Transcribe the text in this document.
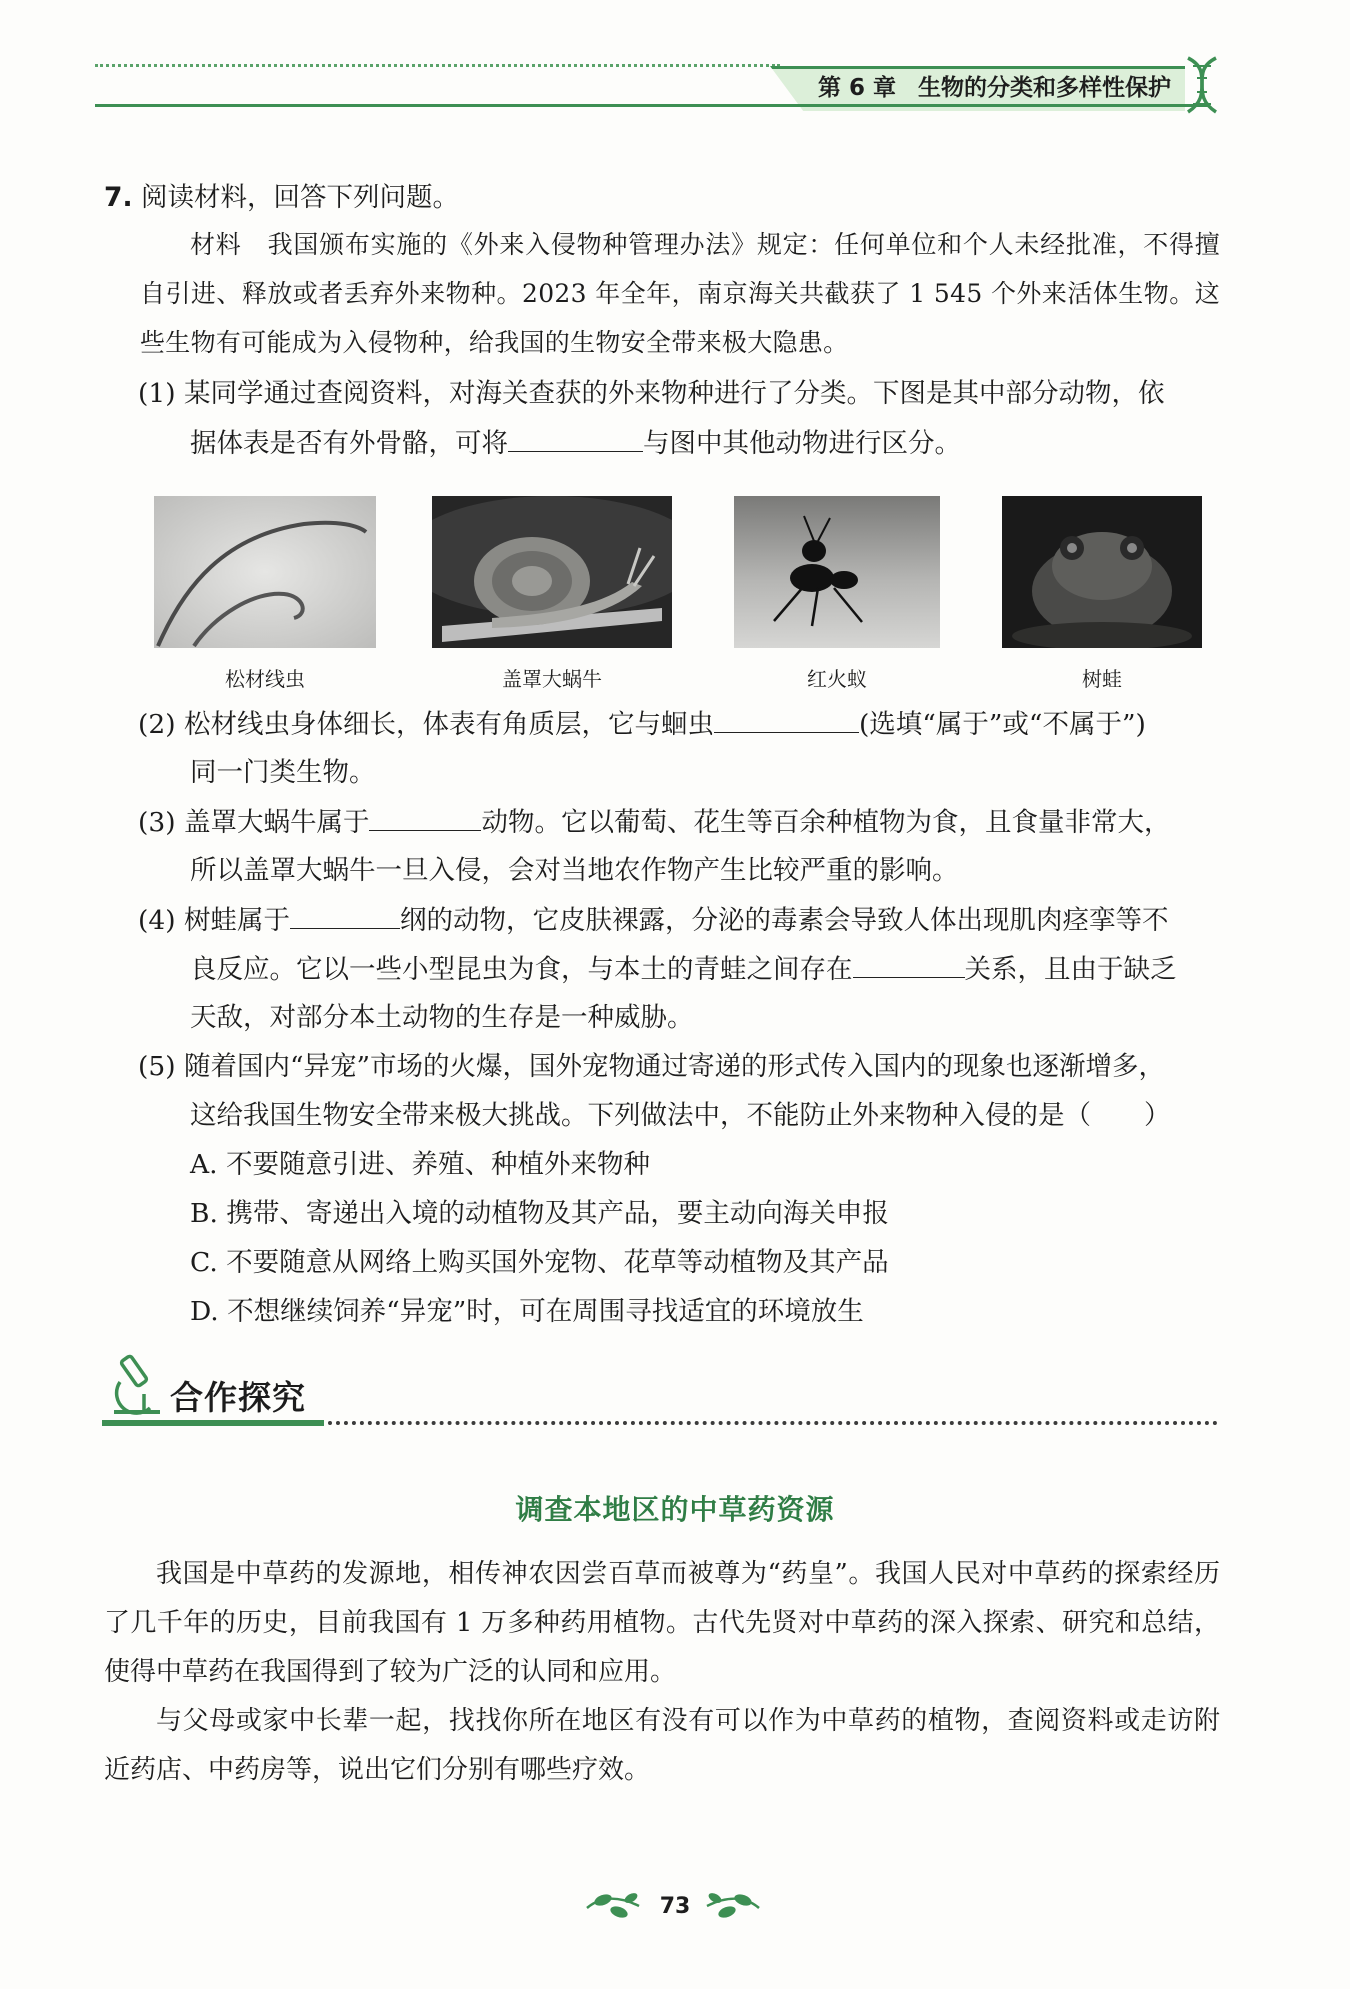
第 6 章 生物的分类和多样性保护
7. 阅读材料，回答下列问题。
材料 我国颁布实施的《外来入侵物种管理办法》规定：任何单位和个人未经批准，不得擅自引进、释放或者丢弃外来物种。2023 年全年，南京海关共截获了 1 545 个外来活体生物。这些生物有可能成为入侵物种，给我国的生物安全带来极大隐患。
(1) 某同学通过查阅资料，对海关查获的外来物种进行了分类。下图是其中部分动物，依
据体表是否有外骨骼，可将	与图中其他动物进行区分。
松材线虫	盖罩大蜗牛	红火蚁	树蛙
(2) 松材线虫身体细长，体表有角质层，它与蛔虫	(选填“属于”或“不属于”)
同一门类生物。
(3) 盖罩大蜗牛属于	动物。它以葡萄、花生等百余种植物为食，且食量非常大，
所以盖罩大蜗牛一旦入侵，会对当地农作物产生比较严重的影响。
(4) 树蛙属于	纲的动物，它皮肤裸露，分泌的毒素会导致人体出现肌肉痉挛等不
良反应。它以一些小型昆虫为食，与本土的青蛙之间存在	关系，且由于缺乏
天敌，对部分本土动物的生存是一种威胁。
(5) 随着国内“异宠”市场的火爆，国外宠物通过寄递的形式传入国内的现象也逐渐增多，
这给我国生物安全带来极大挑战。下列做法中，不能防止外来物种入侵的是（　　）
A. 不要随意引进、养殖、种植外来物种
B. 携带、寄递出入境的动植物及其产品，要主动向海关申报
C. 不要随意从网络上购买国外宠物、花草等动植物及其产品
D. 不想继续饲养“异宠”时，可在周围寻找适宜的环境放生
合作探究
调查本地区的中草药资源
我国是中草药的发源地，相传神农因尝百草而被尊为“药皇”。我国人民对中草药的探索经历了几千年的历史，目前我国有 1 万多种药用植物。古代先贤对中草药的深入探索、研究和总结，使得中草药在我国得到了较为广泛的认同和应用。
与父母或家中长辈一起，找找你所在地区有没有可以作为中草药的植物，查阅资料或走访附近药店、中药房等，说出它们分别有哪些疗效。
73
